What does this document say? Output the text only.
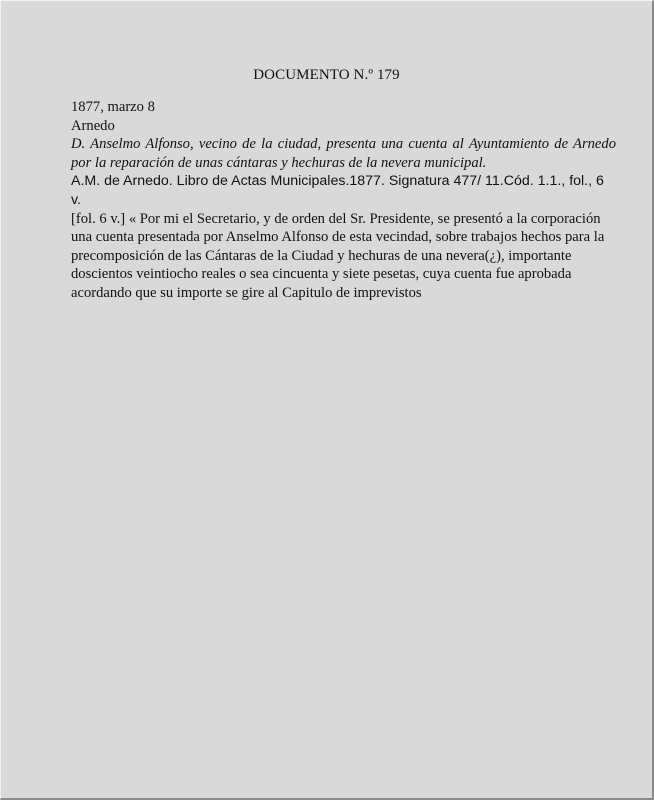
DOCUMENTO N.º 179
1877, marzo 8
Arnedo
D. Anselmo Alfonso, vecino de la ciudad, presenta una cuenta al Ayuntamiento de Arnedo por la reparación de unas cántaras y hechuras de la nevera municipal.
A.M. de Arnedo. Libro de Actas Municipales.1877. Signatura 477/ 11.Cód. 1.1., fol., 6 v.
[fol. 6 v.] « Por mi el Secretario, y de orden del Sr. Presidente, se presentó a la corporación una cuenta presentada por Anselmo Alfonso de esta vecindad, sobre trabajos hechos para la precomposición de las Cántaras de la Ciudad y hechuras de una nevera(¿), importante doscientos veintiocho reales o sea cincuenta y siete pesetas, cuya cuenta fue aprobada acordando que su importe se gire al Capitulo de imprevistos
